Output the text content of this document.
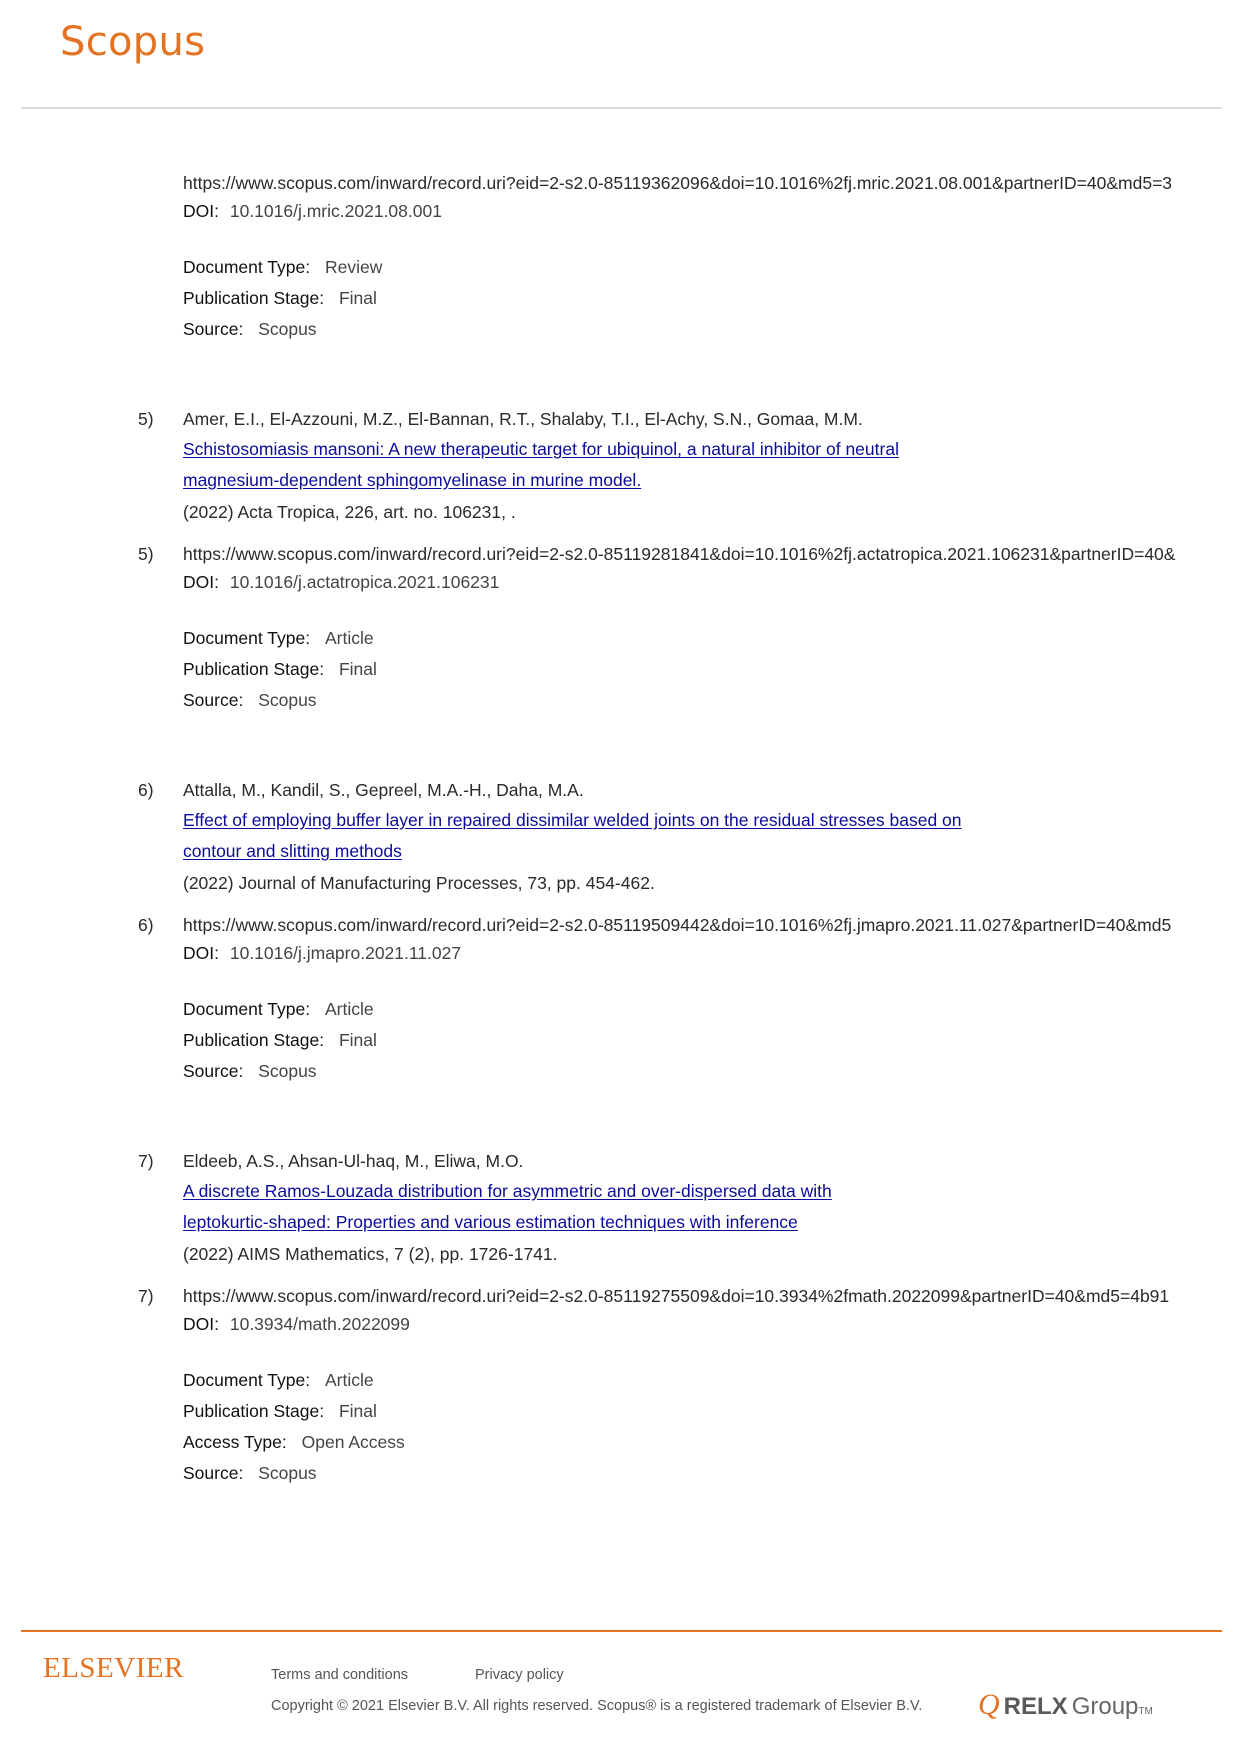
Scopus
https://www.scopus.com/inward/record.uri?eid=2-s2.0-85119362096&doi=10.1016%2fj.mric.2021.08.001&partnerID=40&md5=3
DOI: 10.1016/j.mric.2021.08.001
Document Type: Review
Publication Stage: Final
Source: Scopus
5) Amer, E.I., El-Azzouni, M.Z., El-Bannan, R.T., Shalaby, T.I., El-Achy, S.N., Gomaa, M.M.
Schistosomiasis mansoni: A new therapeutic target for ubiquinol, a natural inhibitor of neutral
magnesium-dependent sphingomyelinase in murine model.
(2022) Acta Tropica, 226, art. no. 106231, .
5) https://www.scopus.com/inward/record.uri?eid=2-s2.0-85119281841&doi=10.1016%2fj.actatropica.2021.106231&partnerID=40&
DOI: 10.1016/j.actatropica.2021.106231
Document Type: Article
Publication Stage: Final
Source: Scopus
6) Attalla, M., Kandil, S., Gepreel, M.A.-H., Daha, M.A.
Effect of employing buffer layer in repaired dissimilar welded joints on the residual stresses based on
contour and slitting methods
(2022) Journal of Manufacturing Processes, 73, pp. 454-462.
6) https://www.scopus.com/inward/record.uri?eid=2-s2.0-85119509442&doi=10.1016%2fj.jmapro.2021.11.027&partnerID=40&md5
DOI: 10.1016/j.jmapro.2021.11.027
Document Type: Article
Publication Stage: Final
Source: Scopus
7) Eldeeb, A.S., Ahsan-Ul-haq, M., Eliwa, M.O.
A discrete Ramos-Louzada distribution for asymmetric and over-dispersed data with
leptokurtic-shaped: Properties and various estimation techniques with inference
(2022) AIMS Mathematics, 7 (2), pp. 1726-1741.
7) https://www.scopus.com/inward/record.uri?eid=2-s2.0-85119275509&doi=10.3934%2fmath.2022099&partnerID=40&md5=4b91
DOI: 10.3934/math.2022099
Document Type: Article
Publication Stage: Final
Access Type: Open Access
Source: Scopus
ELSEVIER	Terms and conditions	Privacy policy
Copyright © 2021 Elsevier B.V. All rights reserved. Scopus® is a registered trademark of Elsevier B.V. Q RELX Group TM
